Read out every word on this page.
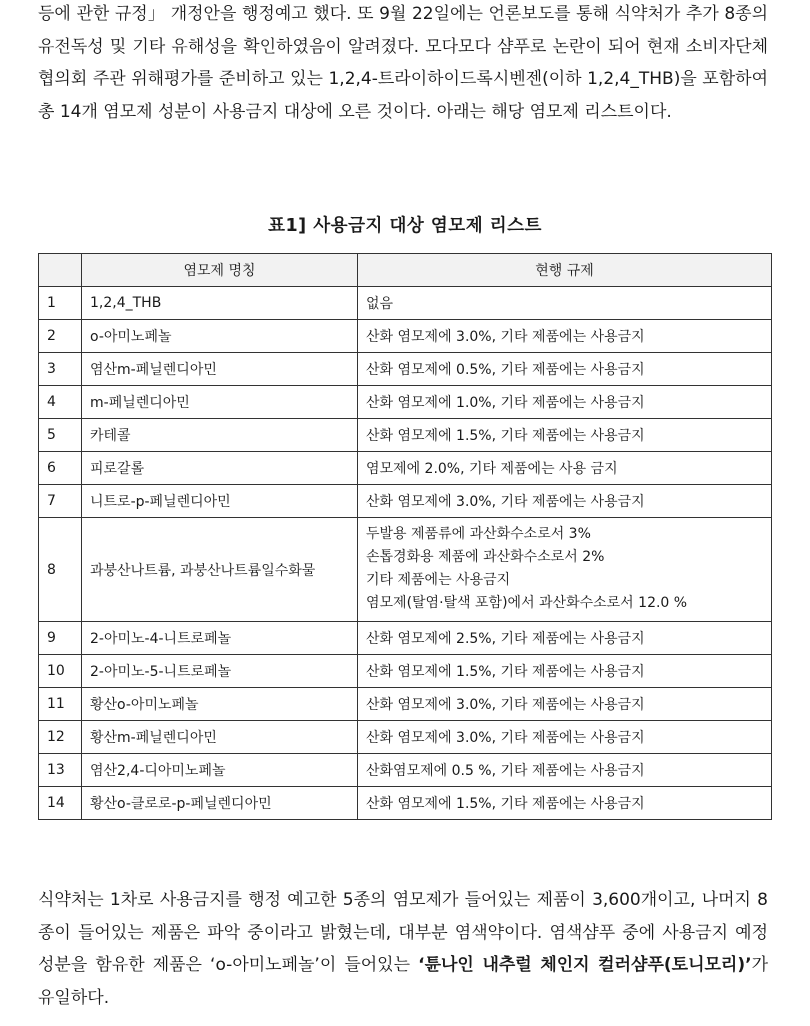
등에 관한 규정」 개정안을 행정예고 했다. 또 9월 22일에는 언론보도를 통해 식약처가 추가 8종의 유전독성 및 기타 유해성을 확인하였음이 알려졌다. 모다모다 샴푸로 논란이 되어 현재 소비자단체협의회 주관 위해평가를 준비하고 있는 1,2,4-트라이하이드록시벤젠(이하 1,2,4_THB)을 포함하여 총 14개 염모제 성분이 사용금지 대상에 오른 것이다. 아래는 해당 염모제 리스트이다.

표1] 사용금지 대상 염모제 리스트
	염모제 명칭	현행 규제
1	1,2,4_THB	없음
2	o-아미노페놀	산화 염모제에 3.0%, 기타 제품에는 사용금지
3	염산m-페닐렌디아민	산화 염모제에 0.5%, 기타 제품에는 사용금지
4	m-페닐렌디아민	산화 염모제에 1.0%, 기타 제품에는 사용금지
5	카테콜	산화 염모제에 1.5%, 기타 제품에는 사용금지
6	피로갈롤	염모제에 2.0%, 기타 제품에는 사용 금지
7	니트로-p-페닐렌디아민	산화 염모제에 3.0%, 기타 제품에는 사용금지
8	과붕산나트륨, 과붕산나트륨일수화물	두발용 제품류에 과산화수소로서 3%
손톱경화용 제품에 과산화수소로서 2%
기타 제품에는 사용금지
염모제(탈염·탈색 포함)에서 과산화수소로서 12.0 %

9	2-아미노-4-니트로페놀	산화 염모제에 2.5%, 기타 제품에는 사용금지
10	2-아미노-5-니트로페놀	산화 염모제에 1.5%, 기타 제품에는 사용금지
11	황산o-아미노페놀	산화 염모제에 3.0%, 기타 제품에는 사용금지
12	황산m-페닐렌디아민	산화 염모제에 3.0%, 기타 제품에는 사용금지
13	염산2,4-디아미노페놀	산화염모제에 0.5 %, 기타 제품에는 사용금지
14	황산o-클로로-p-페닐렌디아민	산화 염모제에 1.5%, 기타 제품에는 사용금지

식약처는 1차로 사용금지를 행정 예고한 5종의 염모제가 들어있는 제품이 3,600개이고, 나머지 8종이 들어있는 제품은 파악 중이라고 밝혔는데, 대부분 염색약이다. 염색샴푸 중에 사용금지 예정 성분을 함유한 제품은 ‘o-아미노페놀’이 들어있는 ‘튠나인 내추럴 체인지 컬러샴푸(토니모리)’가 유일하다.
